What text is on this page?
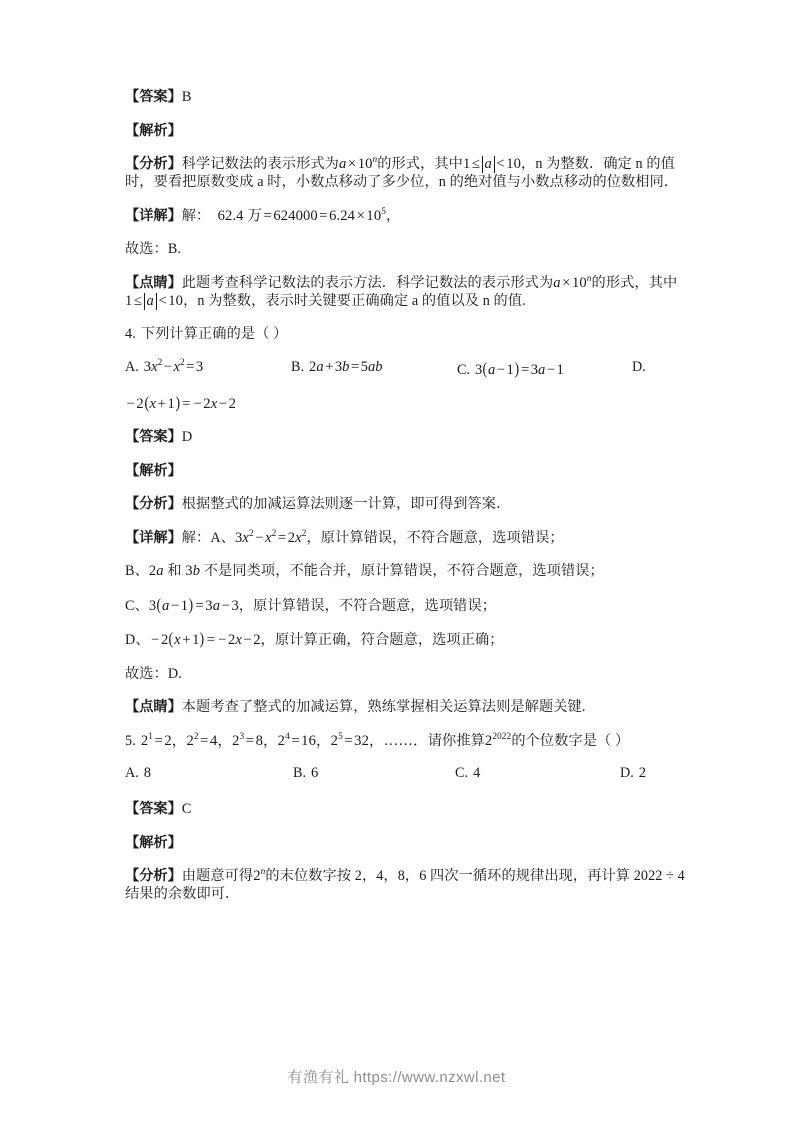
【答案】B

【解析】

【分析】科学记数法的表示形式为$a \times 10^n$的形式，其中1 ≤ a < 10，n 为整数．确定 n 的值时，要看把原数变成 a 时，小数点移动了多少位，n 的绝对值与小数点移动的位数相同．

【详解】解： 62.4 万 = $624000 = 6.24 \times 10^5$，

故选：B.

【点睛】此题考查科学记数法的表示方法．科学记数法的表示形式为$a \times 10^n$的形式，其中1 ≤ a < 10，n 为整数，表示时关键要正确确定 a 的值以及 n 的值.

4. 下列计算正确的是（ ）

A. $3x^2 - x^2 = 3$	B. 2a + 3b = 5ab	C. 3(a − 1) = 3a − 1	D.

− 2(x + 1) = − 2x − 2

【答案】D

【解析】

【分析】根据整式的加减运算法则逐一计算，即可得到答案．

【详解】解：A、$3x^2 - x^2 = 2x^2$，原计算错误，不符合题意，选项错误；

B、2a 和 3b 不是同类项，不能合并，原计算错误，不符合题意，选项错误；

C、3(a − 1) = 3a − 3，原计算错误，不符合题意，选项错误；

D、 − 2(x + 1) = − 2x − 2，原计算正确，符合题意，选项正确；

故选：D.

【点睛】本题考查了整式的加减运算，熟练掌握相关运算法则是解题关键.

5. $2^1 = 2$，$2^2 = 4$，$2^3 = 8$，$2^4 = 16$，$2^5 = 32$，……．请你推算$2^{2022}$的个位数字是（ ）

A. 8	B. 6	C. 4	D. 2

【答案】C

【解析】

【分析】由题意可得2$^n$的末位数字按 2，4，8，6 四次一循环的规律出现，再计算 2022 ÷ 4 结果的余数即可．

有渔有礼 https://www.nzxwl.net
